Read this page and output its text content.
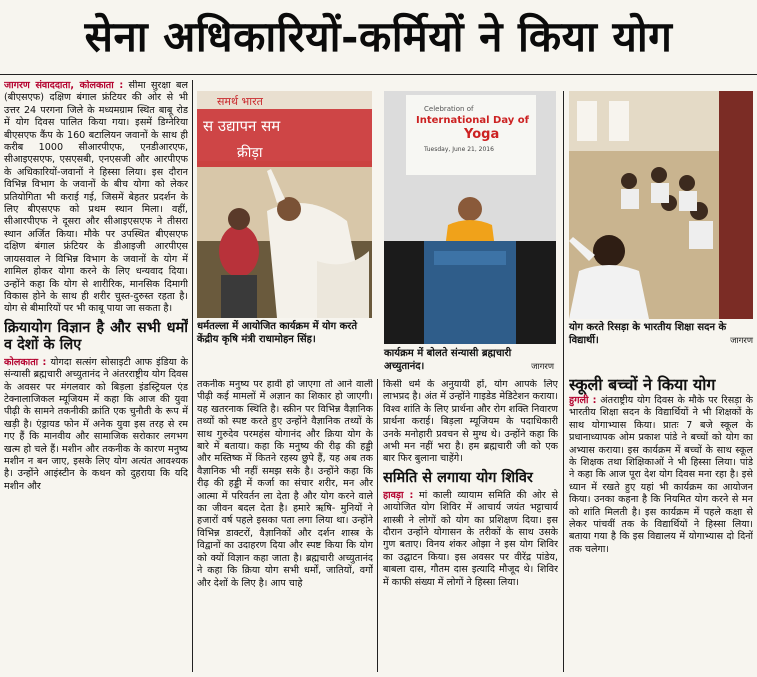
सेना अधिकारियों-कर्मियों ने किया योग

जागरण संवाददाता, कोलकाता : सीमा सुरक्षा बल (बीएसएफ) दक्षिण बंगाल फ्रंटियर की ओर से भी उत्तर 24 परगना जिले के मध्यमग्राम स्थित बाबू रोड में योग दिवस पालित किया गया। इसमें डिग्नेरिया बीएसएफ कैंप के 160 बटालियन जवानों के साथ ही करीब 1000 सीआरपीएफ, एनडीआरएफ, सीआइएसएफ, एसएसबी, एनएसजी और आरपीएफ के अधिकारियों-जवानों ने हिस्सा लिया। इस दौरान विभिन्न विभाग के जवानों के बीच योगा को लेकर प्रतियोगिता भी कराई गई, जिसमें बेहतर प्रदर्शन के लिए बीएसएफ को प्रथम स्थान मिला। वहीं, सीआरपीएफ ने दूसरा और सीआइएसएफ ने तीसरा स्थान अर्जित किया। मौके पर उपस्थित बीएसएफ दक्षिण बंगाल फ्रंटियर के डीआइजी आरपीएस जायसवाल ने विभिन्न विभाग के जवानों के योग में शामिल होकर योगा करने के लिए धन्यवाद दिया। उन्होंने कहा कि योग से शारीरिक, मानसिक दिमागी विकास होने के साथ ही शरीर चुस्त-दुरुस्त रहता है। योग से बीमारियों पर भी काबू पाया जा सकता है।

क्रियायोग विज्ञान है और सभी धर्मों व देशों के लिए

कोलकाता : योगदा सत्संग सोसाइटी आफ इंडिया के संन्यासी ब्रह्मचारी अच्युतानंद ने अंतरराष्ट्रीय योग दिवस के अवसर पर मंगलवार को बिड़ला इंडस्ट्रियल एंड टेक्नालाजिकल म्यूजियम में कहा कि आज की युवा पीढ़ी के सामने तकनीकी क्रांति एक चुनौती के रूप में खड़ी है। एंड्रायड फोन में अनेक युवा इस तरह से रम गए हैं कि मानवीय और सामाजिक सरोकार लगभग खत्म हो चले हैं। मशीन और तकनीक के कारण मनुष्य मशीन न बन जाए, इसके लिए योग अत्यंत आवश्यक है। उन्होंने आइंस्टीन के कथन को दुहराया कि यदि मशीन और

समर्थ भारत
स उद्यापन सम
क्रीड़ा
धर्मतल्ला में आयोजित कार्यक्रम में योग करते केंद्रीय कृषि मंत्री राधामोहन सिंह।
Celebration of
International Day of
Yoga
Tuesday, June 21, 2016
कार्यक्रम में बोलते संन्यासी ब्रह्मचारी अच्युतानंद।	जागरण
योग करते रिसड़ा के भारतीय शिक्षा सदन के विद्यार्थी।	जागरण

तकनीक मनुष्य पर हावी हो जाएगा तो आने वाली पीढ़ी कई मामलों में अज्ञान का शिकार हो जाएगी। यह खतरनाक स्थिति है। स्क्रीन पर विभिन्न वैज्ञानिक तथ्यों को स्पष्ट करते हुए उन्होंने वैज्ञानिक तथ्यों के साथ गुरुदेव परमहंस योगानंद और क्रिया योग के बारे में बताया। कहा कि मनुष्य की रीढ़ की हड्डी और मस्तिष्क में कितने रहस्य छुपे हैं, यह अब तक वैज्ञानिक भी नहीं समझ सके है। उन्होंने कहा कि रीढ़ की हड्डी में कर्जा का संचार शरीर, मन और आत्मा में परिवर्तन ला देता है और योग करने वाले का जीवन बदल देता है। हमारे ऋषि- मुनियों ने हजारों वर्ष पहले इसका पता लगा लिया था। उन्होंने विभिन्न डाक्टरों, वैज्ञानिकों और दर्शन शास्त्र के विद्वानों का उदाहरण दिया और स्पष्ट किया कि योग को क्यों विज्ञान कहा जाता है। ब्रह्मचारी अच्युतानंद ने कहा कि क्रिया योग सभी धर्मों, जातियों, वर्गों और देशों के लिए है। आप चाहे

किसी धर्म के अनुयायी हों, योग आपके लिए लाभप्रद है। अंत में उन्होंने गाइडेड मेडिटेशन कराया। विश्व शांति के लिए प्रार्थना और रोग शक्ति निवारण प्रार्थना कराई। बिड़ला म्यूजियम के पदाधिकारी उनके मनोहारी प्रवचन से मुग्ध थे। उन्होंने कहा कि अभी मन नहीं भरा है। हम ब्रह्मचारी जी को एक बार फिर बुलाना चाहेंगे।

समिति से लगाया योग शिविर

हावड़ा : मां काली व्यायाम समिति की ओर से आयोजित योग शिविर में आचार्य जयंत भट्टाचार्य शास्त्री ने लोगों को योग का प्रशिक्षण दिया। इस दौरान उन्होंने योगासन के तरीकों के साथ उसके गुण बताए। विनय शंकर ओझा ने इस योग शिविर का उद्घाटन किया। इस अवसर पर वीरेंद्र पांडेय, बाबला दास, गौतम दास इत्यादि मौजूद थे। शिविर में काफी संख्या में लोगों ने हिस्सा लिया।

स्कूली बच्चों ने किया योग

हुगली : अंतराष्ट्रीय योग दिवस के मौके पर रिसड़ा के भारतीय शिक्षा सदन के विद्यार्थियों ने भी शिक्षकों के साथ योगाभ्यास किया। प्रातः 7 बजे स्कूल के प्रधानाध्यापक ओम प्रकाश पांडे ने बच्चों को योग का अभ्यास कराया। इस कार्यक्रम में बच्चों के साथ स्कूल के शिक्षक तथा शिक्षिकाओं ने भी हिस्सा लिया। पांडे ने कहा कि आज पूरा देश योग दिवस मना रहा है। इसे ध्यान में रखते हुए यहां भी कार्यक्रम का आयोजन किया। उनका कहना है कि नियमित योग करने से मन को शांति मिलती है। इस कार्यक्रम में पहले कक्षा से लेकर पांचवीं तक के विद्यार्थियों ने हिस्सा लिया। बताया गया है कि इस विद्यालय में योगाभ्यास दो दिनों तक चलेगा।
